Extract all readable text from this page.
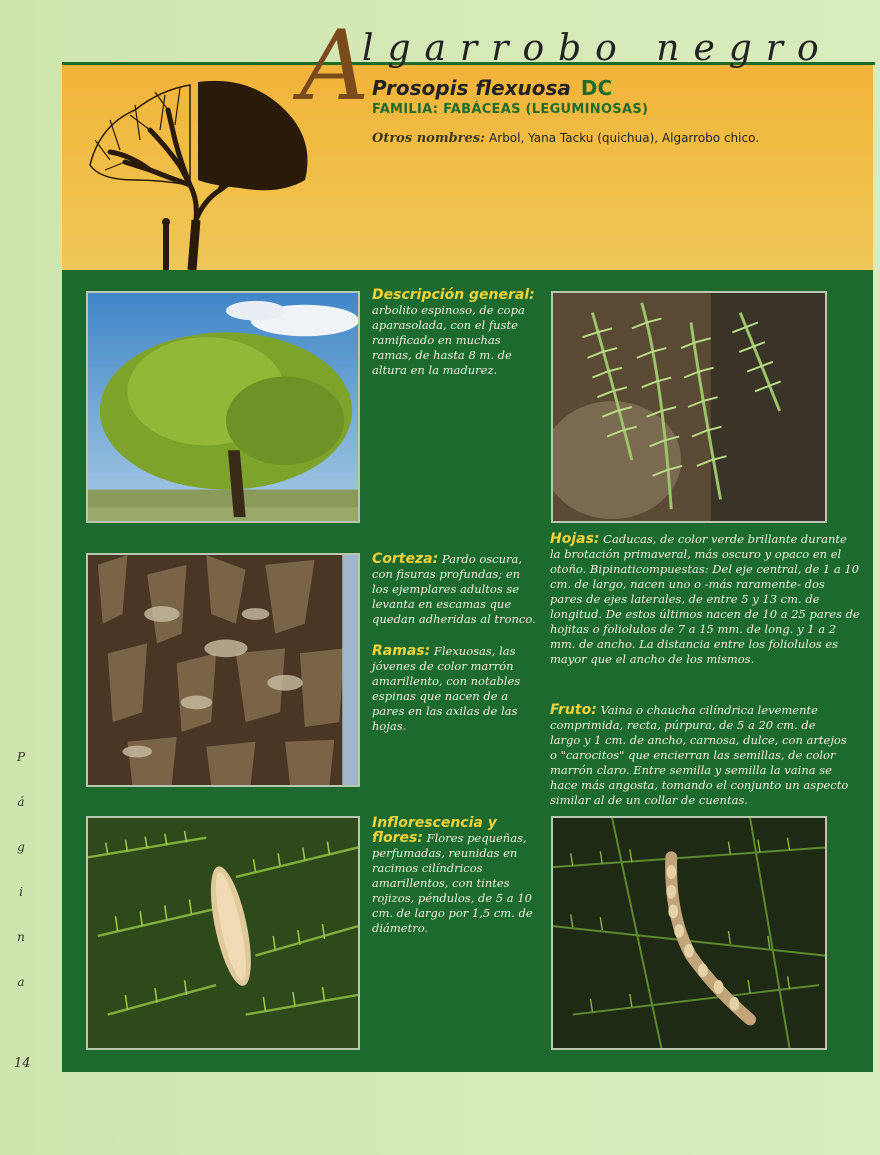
A
lgarrobo negro
Prosopis flexuosa DC
FAMILIA: FABÁCEAS (LEGUMINOSAS)
Otros nombres: Arbol, Yana Tacku (quichua), Algarrobo chico.
Descripción general:
arbolito espinoso, de copa
aparasolada, con el fuste
ramificado en muchas
ramas, de hasta 8 m. de
altura en la madurez.
Hojas: Caducas, de color verde brillante durante
la brotación primaveral, más oscuro y opaco en el
otoño. Bipinaticompuestas: Del eje central, de 1 a 10
cm. de largo, nacen uno o -más raramente- dos
pares de ejes laterales, de entre 5 y 13 cm. de
longitud. De estos últimos nacen de 10 a 25 pares de
hojitas o foliolulos de 7 a 15 mm. de long. y 1 a 2
mm. de ancho. La distancia entre los foliolulos es
mayor que el ancho de los mismos.
Corteza: Pardo oscura,
con fisuras profundas; en
los ejemplares adultos se
levanta en escamas que
quedan adheridas al tronco.
Ramas: Flexuosas, las
jóvenes de color marrón
amarillento, con notables
espinas que nacen de a
pares en las axilas de las
hojas.
Fruto: Vaina o chaucha cilíndrica levemente
comprimida, recta, púrpura, de 5 a 20 cm. de
largo y 1 cm. de ancho, carnosa, dulce, con artejos
o "carocitos" que encierran las semillas, de color
marrón claro. Entre semilla y semilla la vaina se
hace más angosta, tomando el conjunto un aspecto
similar al de un collar de cuentas.
Inflorescencia y
flores: Flores pequeñas,
perfumadas, reunidas en
racimos cilíndricos
amarillentos, con tintes
rojizos, péndulos, de 5 a 10
cm. de largo por 1,5 cm. de
diámetro.
P
á
g
i
n
a
14
